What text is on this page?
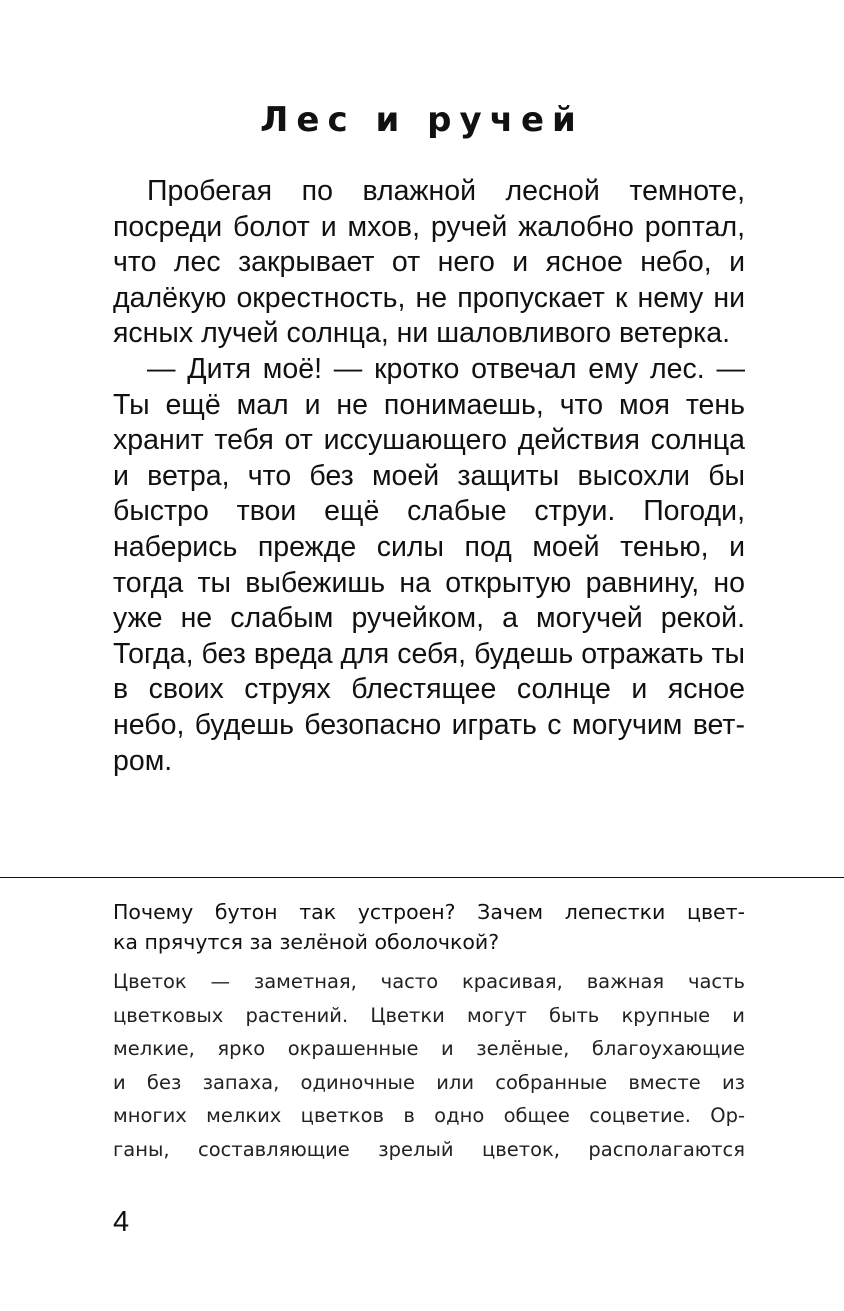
Лес и ручей

Пробегая по влажной лесной темноте, посреди болот и мхов, ручей жалобно роптал, что лес закрывает от него и ясное небо, и далёкую окрестность, не пропускает к нему ни ясных лучей солнца, ни шаловливого ветерка.

— Дитя моё! — кротко отвечал ему лес. — Ты ещё мал и не понимаешь, что моя тень хранит тебя от иссушающего действия солнца и ветра, что без моей защиты высохли бы быстро твои ещё слабые струи. Погоди, наберись прежде силы под моей тенью, и тогда ты выбежишь на открытую равнину, но уже не слабым ручейком, а могучей рекой. Тогда, без вреда для себя, будешь отражать ты в своих струях блестящее солнце и ясное небо, будешь безопасно играть с могучим ветром.

Почему бутон так устроен? Зачем лепестки цвет-
ка прячутся за зелёной оболочкой?
Цветок — заметная, часто красивая, важная часть
цветковых растений. Цветки могут быть крупные и
мелкие, ярко окрашенные и зелёные, благоухающие
и без запаха, одиночные или собранные вместе из
многих мелких цветков в одно общее соцветие. Ор-
ганы, составляющие зрелый цветок, располагаются
4
